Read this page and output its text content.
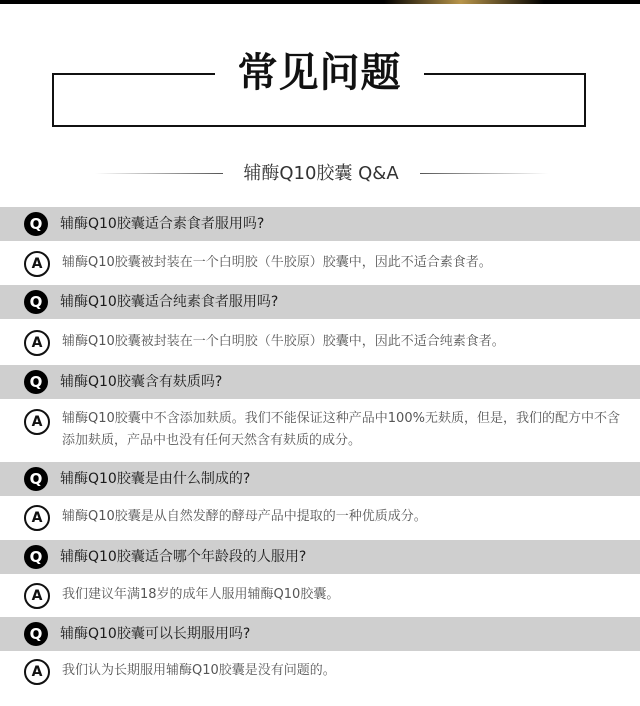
常见问题
辅酶Q10胶囊 Q&A
Q	辅酶Q10胶囊适合素食者服用吗?
A	辅酶Q10胶囊被封装在一个白明胶（牛胶原）胶囊中，因此不适合素食者。
Q	辅酶Q10胶囊适合纯素食者服用吗?
A	辅酶Q10胶囊被封装在一个白明胶（牛胶原）胶囊中，因此不适合纯素食者。
Q	辅酶Q10胶囊含有麸质吗?
A	辅酶Q10胶囊中不含添加麸质。我们不能保证这种产品中100%无麸质，但是，我们的配方中不含添加麸质，产品中也没有任何天然含有麸质的成分。
Q	辅酶Q10胶囊是由什么制成的?
A	辅酶Q10胶囊是从自然发酵的酵母产品中提取的一种优质成分。
Q	辅酶Q10胶囊适合哪个年龄段的人服用?
A	我们建议年满18岁的成年人服用辅酶Q10胶囊。
Q	辅酶Q10胶囊可以长期服用吗?
A	我们认为长期服用辅酶Q10胶囊是没有问题的。
